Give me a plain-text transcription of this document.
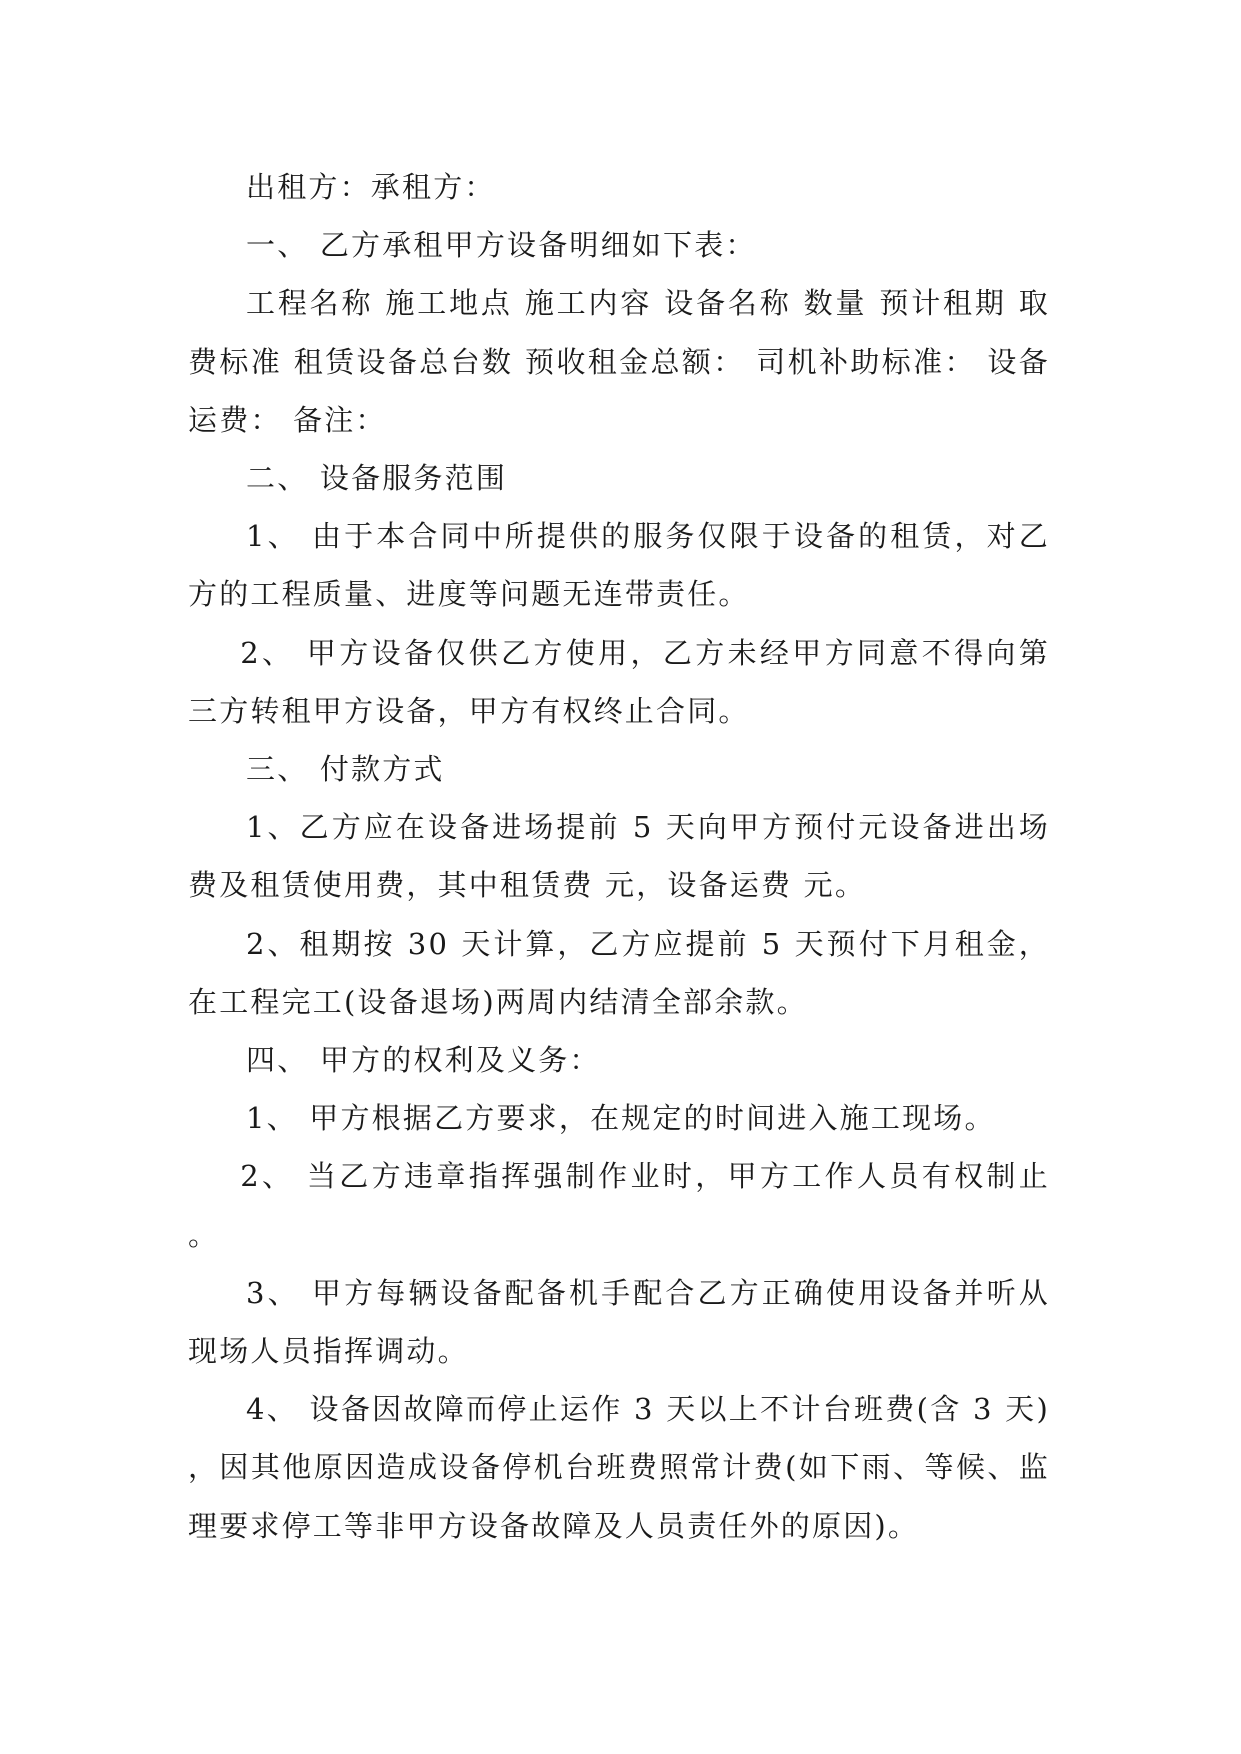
出租方：承租方：

一、 乙方承租甲方设备明细如下表：

工程名称 施工地点 施工内容 设备名称 数量 预计租期 取费标准 租赁设备总台数 预收租金总额： 司机补助标准： 设备运费： 备注：

二、 设备服务范围

1、 由于本合同中所提供的服务仅限于设备的租赁，对乙方的工程质量、进度等问题无连带责任。

2、 甲方设备仅供乙方使用，乙方未经甲方同意不得向第三方转租甲方设备，甲方有权终止合同。

三、 付款方式

1、乙方应在设备进场提前 5 天向甲方预付元设备进出场费及租赁使用费，其中租赁费 元，设备运费 元。

2、租期按 30 天计算，乙方应提前 5 天预付下月租金，在工程完工(设备退场)两周内结清全部余款。

四、 甲方的权利及义务：

1、 甲方根据乙方要求，在规定的时间进入施工现场。

2、 当乙方违章指挥强制作业时，甲方工作人员有权制止。

3、 甲方每辆设备配备机手配合乙方正确使用设备并听从现场人员指挥调动。

4、 设备因故障而停止运作 3 天以上不计台班费(含 3 天)，因其他原因造成设备停机台班费照常计费(如下雨、等候、监理要求停工等非甲方设备故障及人员责任外的原因)。
